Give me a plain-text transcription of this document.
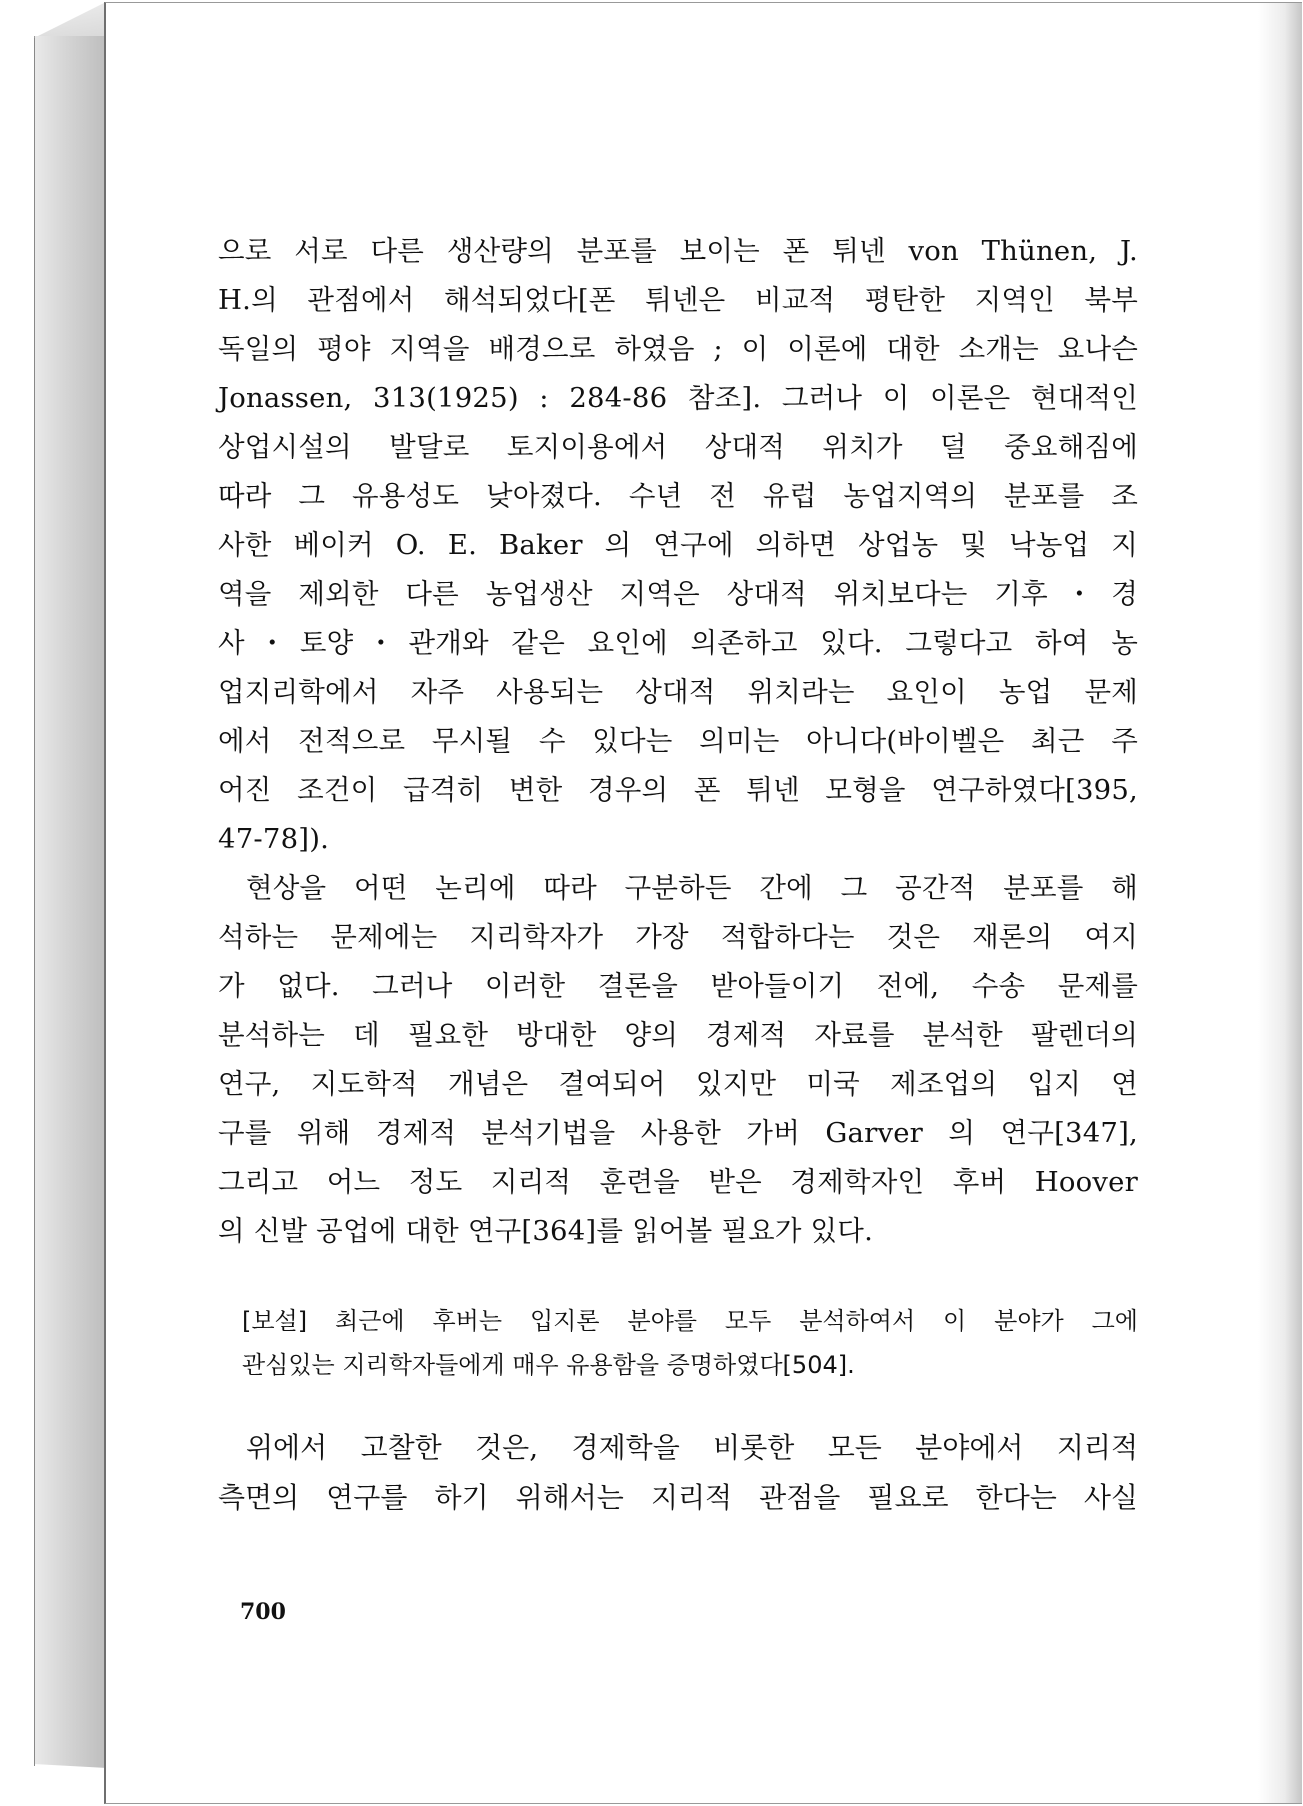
으로 서로 다른 생산량의 분포를 보이는 폰 튀넨 von Thünen, J.
H.의 관점에서 해석되었다[폰 튀넨은 비교적 평탄한 지역인 북부
독일의 평야 지역을 배경으로 하였음 ; 이 이론에 대한 소개는 요나슨
Jonassen, 313(1925) : 284-86 참조]. 그러나 이 이론은 현대적인
상업시설의 발달로 토지이용에서 상대적 위치가 덜 중요해짐에
따라 그 유용성도 낮아졌다. 수년 전 유럽 농업지역의 분포를 조
사한 베이커 O. E. Baker 의 연구에 의하면 상업농 및 낙농업 지
역을 제외한 다른 농업생산 지역은 상대적 위치보다는 기후・경
사・토양・관개와 같은 요인에 의존하고 있다. 그렇다고 하여 농
업지리학에서 자주 사용되는 상대적 위치라는 요인이 농업 문제
에서 전적으로 무시될 수 있다는 의미는 아니다(바이벨은 최근 주
어진 조건이 급격히 변한 경우의 폰 튀넨 모형을 연구하였다[395,
47-78]).
현상을 어떤 논리에 따라 구분하든 간에 그 공간적 분포를 해
석하는 문제에는 지리학자가 가장 적합하다는 것은 재론의 여지
가 없다. 그러나 이러한 결론을 받아들이기 전에, 수송 문제를
분석하는 데 필요한 방대한 양의 경제적 자료를 분석한 팔렌더의
연구, 지도학적 개념은 결여되어 있지만 미국 제조업의 입지 연
구를 위해 경제적 분석기법을 사용한 가버 Garver 의 연구[347],
그리고 어느 정도 지리적 훈련을 받은 경제학자인 후버 Hoover
의 신발 공업에 대한 연구[364]를 읽어볼 필요가 있다.
[보설] 최근에 후버는 입지론 분야를 모두 분석하여서 이 분야가 그에
관심있는 지리학자들에게 매우 유용함을 증명하였다[504].
위에서 고찰한 것은, 경제학을 비롯한 모든 분야에서 지리적
측면의 연구를 하기 위해서는 지리적 관점을 필요로 한다는 사실
700
